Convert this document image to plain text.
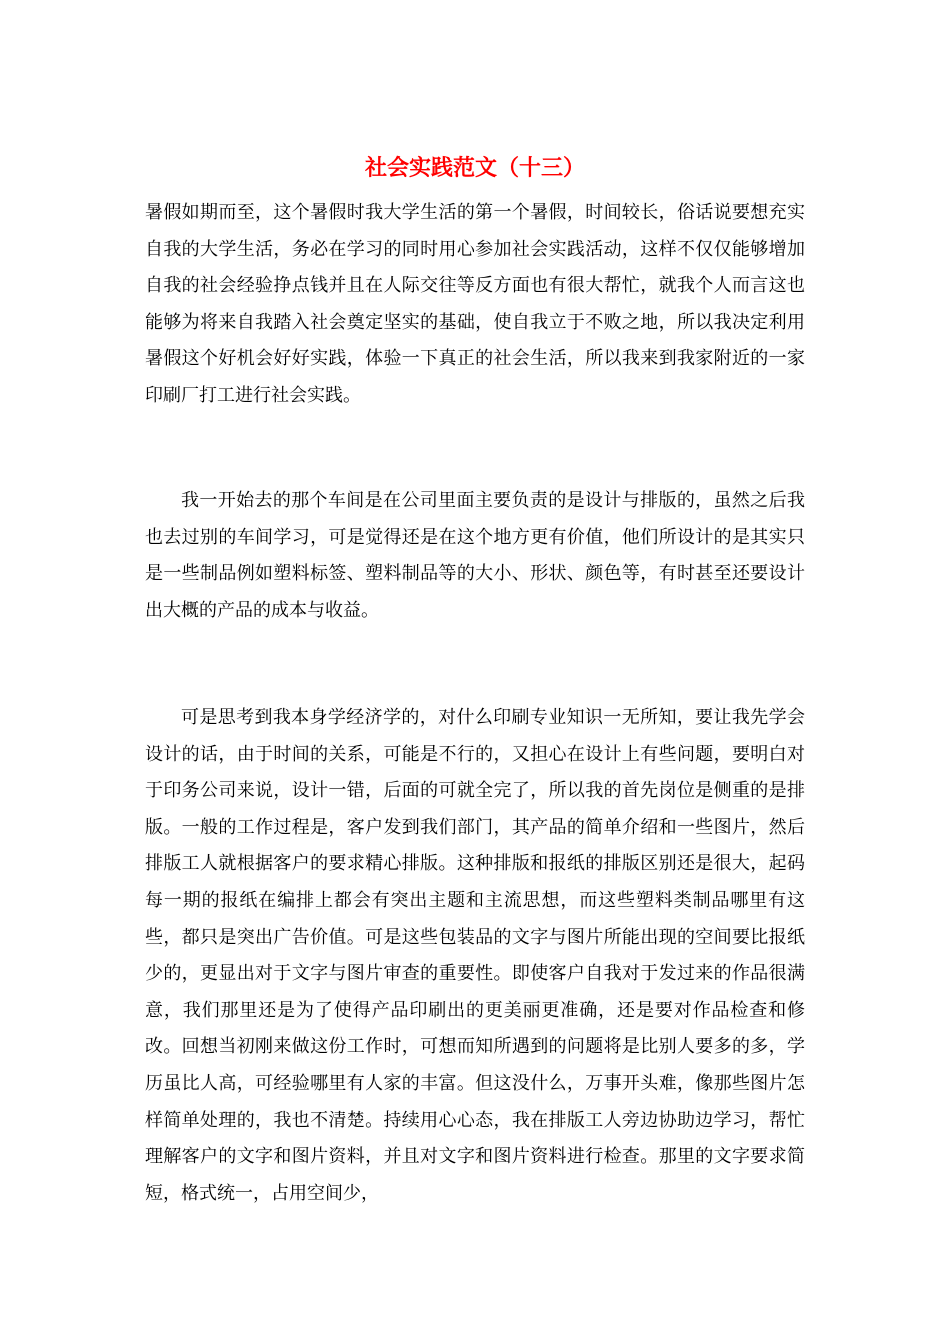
社会实践范文（十三）

暑假如期而至，这个暑假时我大学生活的第一个暑假，时间较长，俗话说要想充实自我的大学生活，务必在学习的同时用心参加社会实践活动，这样不仅仅能够增加自我的社会经验挣点钱并且在人际交往等反方面也有很大帮忙，就我个人而言这也能够为将来自我踏入社会奠定坚实的基础，使自我立于不败之地，所以我决定利用暑假这个好机会好好实践，体验一下真正的社会生活，所以我来到我家附近的一家印刷厂打工进行社会实践。

我一开始去的那个车间是在公司里面主要负责的是设计与排版的，虽然之后我也去过别的车间学习，可是觉得还是在这个地方更有价值，他们所设计的是其实只是一些制品例如塑料标签、塑料制品等的大小、形状、颜色等，有时甚至还要设计出大概的产品的成本与收益。

可是思考到我本身学经济学的，对什么印刷专业知识一无所知，要让我先学会设计的话，由于时间的关系，可能是不行的，又担心在设计上有些问题，要明白对于印务公司来说，设计一错，后面的可就全完了，所以我的首先岗位是侧重的是排版。一般的工作过程是，客户发到我们部门，其产品的简单介绍和一些图片，然后排版工人就根据客户的要求精心排版。这种排版和报纸的排版区别还是很大，起码每一期的报纸在编排上都会有突出主题和主流思想，而这些塑料类制品哪里有这些，都只是突出广告价值。可是这些包装品的文字与图片所能出现的空间要比报纸少的，更显出对于文字与图片审查的重要性。即使客户自我对于发过来的作品很满意，我们那里还是为了使得产品印刷出的更美丽更准确，还是要对作品检查和修改。回想当初刚来做这份工作时，可想而知所遇到的问题将是比别人要多的多，学历虽比人高，可经验哪里有人家的丰富。但这没什么，万事开头难，像那些图片怎样简单处理的，我也不清楚。持续用心心态，我在排版工人旁边协助边学习，帮忙理解客户的文字和图片资料，并且对文字和图片资料进行检查。那里的文字要求简短，格式统一，占用空间少，
